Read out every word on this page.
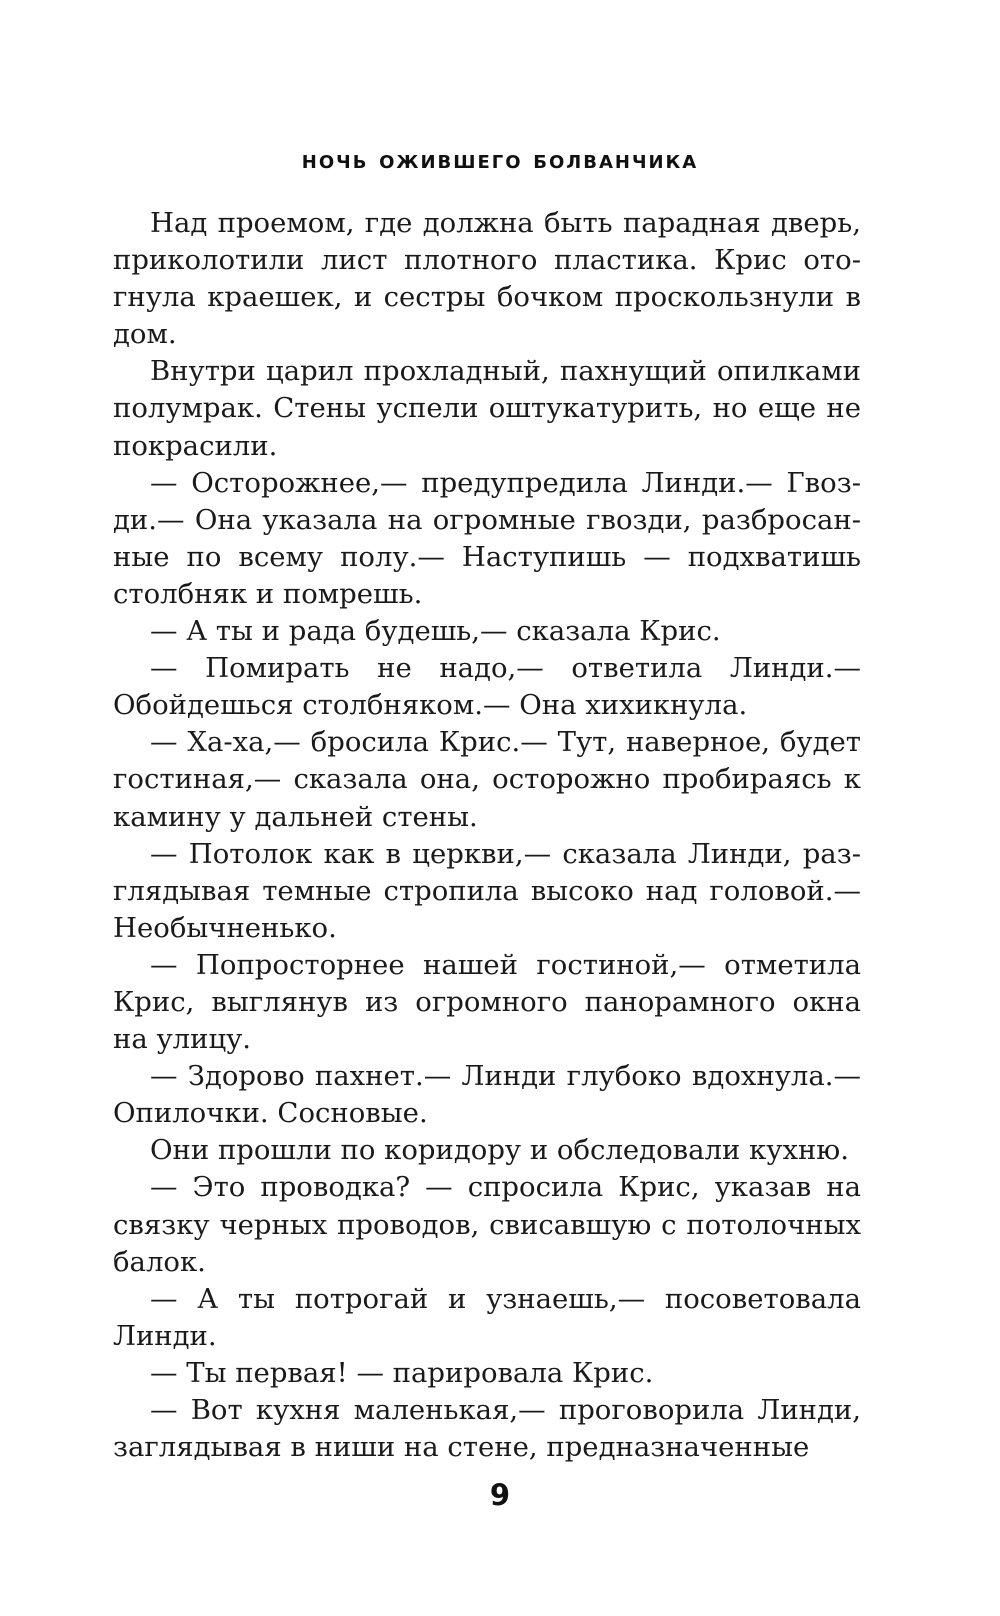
ночь ожившего болванчика

Над проемом, где должна быть парадная дверь, приколотили лист плотного пластика. Крис отогнула краешек, и сестры бочком проскользнули в дом.

Внутри царил прохладный, пахнущий опилками полумрак. Стены успели оштукатурить, но еще не покрасили.

— Осторожнее,— предупредила Линди.— Гвозди.— Она указала на огромные гвозди, разбросанные по всему полу.— Наступишь — подхватишь столбняк и помрешь.

— А ты и рада будешь,— сказала Крис.

— Помирать не надо,— ответила Линди.— Обойдешься столбняком.— Она хихикнула.

— Ха-ха,— бросила Крис.— Тут, наверное, будет гостиная,— сказала она, осторожно пробираясь к камину у дальней стены.

— Потолок как в церкви,— сказала Линди, разглядывая темные стропила высоко над головой.— Необычненько.

— Попросторнее нашей гостиной,— отметила Крис, выглянув из огромного панорамного окна на улицу.

— Здорово пахнет.— Линди глубоко вдохнула.— Опилочки. Сосновые.

Они прошли по коридору и обследовали кухню.

— Это проводка? — спросила Крис, указав на связку черных проводов, свисавшую с потолочных балок.

— А ты потрогай и узнаешь,— посоветовала Линди.

— Ты первая! — парировала Крис.

— Вот кухня маленькая,— проговорила Линди, заглядывая в ниши на стене, предназначенные

9
